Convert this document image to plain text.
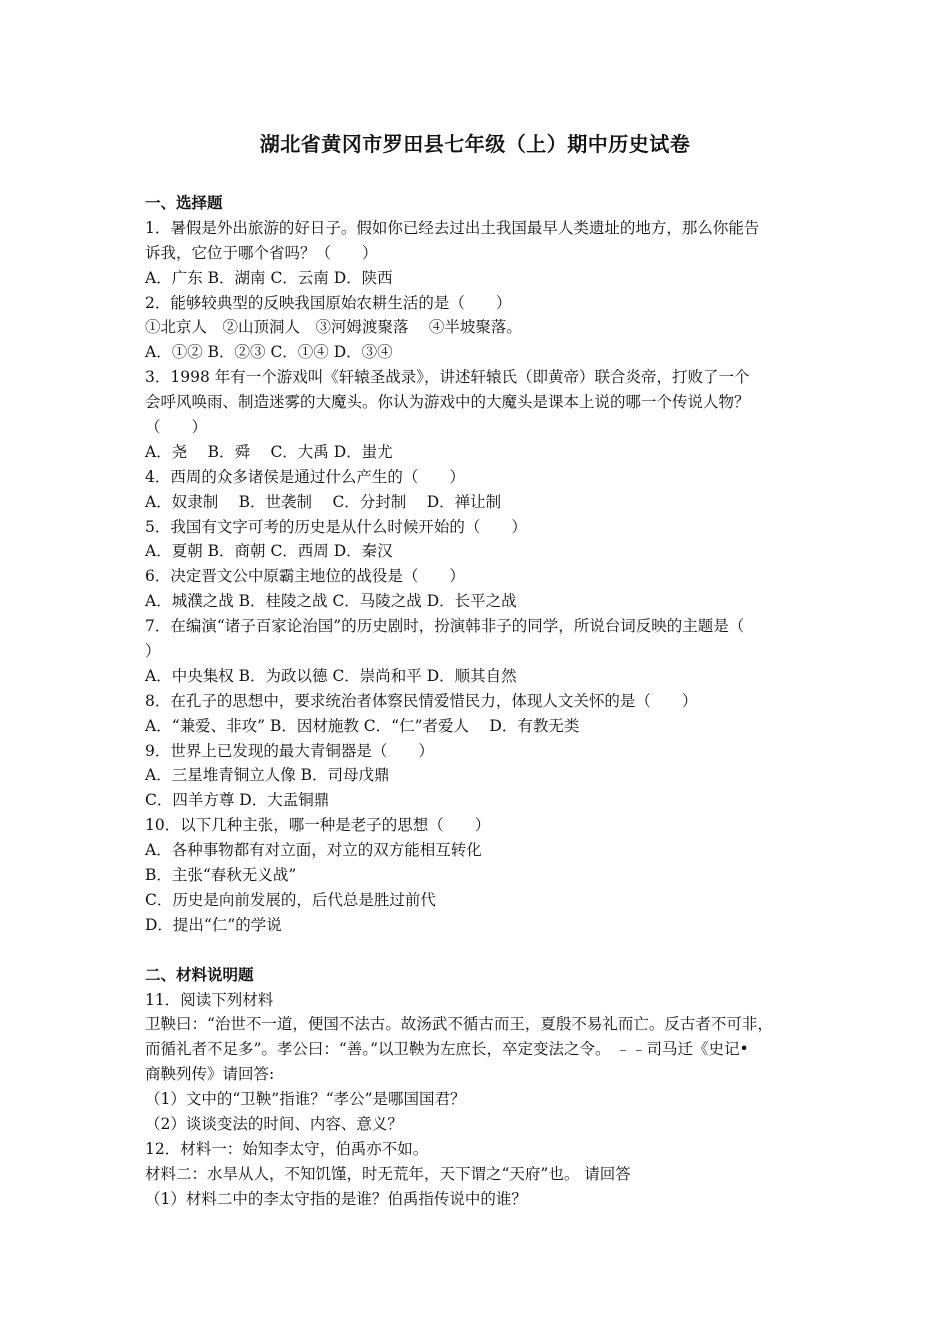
湖北省黄冈市罗田县七年级（上）期中历史试卷
一、选择题
1．暑假是外出旅游的好日子。假如你已经去过出土我国最早人类遗址的地方，那么你能告
诉我，它位于哪个省吗？（　　）
A．广东 B．湖南 C．云南 D．陕西
2．能够较典型的反映我国原始农耕生活的是（　　）
①北京人　②山顶洞人　③河姆渡聚落　 ④半坡聚落。
A．①② B．②③ C．①④ D．③④
3．1998 年有一个游戏叫《轩辕圣战录》，讲述轩辕氏（即黄帝）联合炎帝，打败了一个
会呼风唤雨、制造迷雾的大魔头。你认为游戏中的大魔头是课本上说的哪一个传说人物？
（　　）
A．尧　 B．舜　 C．大禹 D．蚩尤
4．西周的众多诸侯是通过什么产生的（　　）
A．奴隶制　 B．世袭制　 C．分封制　 D．禅让制
5．我国有文字可考的历史是从什么时候开始的（　　）
A．夏朝 B．商朝 C．西周 D．秦汉
6．决定晋文公中原霸主地位的战役是（　　）
A．城濮之战 B．桂陵之战 C．马陵之战 D．长平之战
7．在编演“诸子百家论治国”的历史剧时，扮演韩非子的同学，所说台词反映的主题是（
）
A．中央集权 B．为政以德 C．崇尚和平 D．顺其自然
8．在孔子的思想中，要求统治者体察民情爱惜民力，体现人文关怀的是（　　）
A．“兼爱、非攻” B．因材施教 C．“仁”者爱人　 D．有教无类
9．世界上已发现的最大青铜器是（　　）
A．三星堆青铜立人像 B．司母戊鼎
C．四羊方尊 D．大盂铜鼎
10．以下几种主张，哪一种是老子的思想（　　）
A．各种事物都有对立面，对立的双方能相互转化
B．主张“春秋无义战”
C．历史是向前发展的，后代总是胜过前代
D．提出“仁”的学说
二、材料说明题
11．阅读下列材料
卫鞅曰：“治世不一道，便国不法古。故汤武不循古而王，夏殷不易礼而亡。反古者不可非，
而循礼者不足多”。孝公曰：“善。”以卫鞅为左庶长，卒定变法之令。 ﹣﹣司马迁《史记•
商鞅列传》请回答:
（1）文中的“卫鞅”指谁？“孝公”是哪国国君？
（2）谈谈变法的时间、内容、意义？
12．材料一：始知李太守，伯禹亦不如。
材料二：水旱从人，不知饥馑，时无荒年，天下谓之“天府”也。 请回答
（1）材料二中的李太守指的是谁？伯禹指传说中的谁？
